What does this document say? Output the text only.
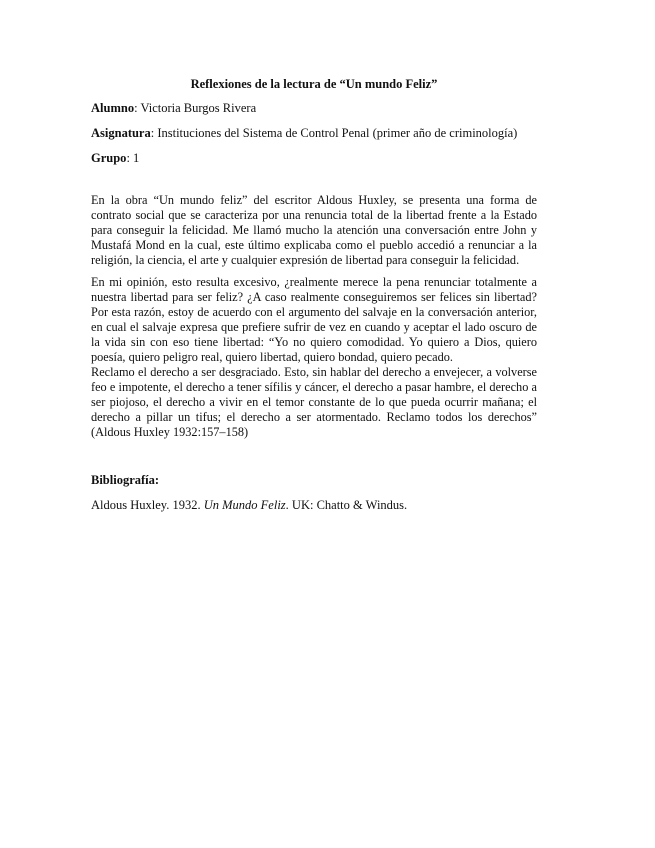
Reflexiones de la lectura de “Un mundo Feliz”
Alumno: Victoria Burgos Rivera
Asignatura: Instituciones del Sistema de Control Penal (primer año de criminología)
Grupo: 1

En la obra “Un mundo feliz” del escritor Aldous Huxley, se presenta una forma de contrato social que se caracteriza por una renuncia total de la libertad frente a la Estado para conseguir la felicidad. Me llamó mucho la atención una conversación entre John y Mustafá Mond en la cual, este último explicaba como el pueblo accedió a renunciar a la religión, la ciencia, el arte y cualquier expresión de libertad para conseguir la felicidad.

En mi opinión, esto resulta excesivo, ¿realmente merece la pena renunciar totalmente a nuestra libertad para ser feliz? ¿A caso realmente conseguiremos ser felices sin libertad? Por esta razón, estoy de acuerdo con el argumento del salvaje en la conversación anterior, en cual el salvaje expresa que prefiere sufrir de vez en cuando y aceptar el lado oscuro de la vida sin con eso tiene libertad: “Yo no quiero comodidad. Yo quiero a Dios, quiero poesía, quiero peligro real, quiero libertad, quiero bondad, quiero pecado.

Reclamo el derecho a ser desgraciado. Esto, sin hablar del derecho a envejecer, a volverse feo e impotente, el derecho a tener sífilis y cáncer, el derecho a pasar hambre, el derecho a ser piojoso, el derecho a vivir en el temor constante de lo que pueda ocurrir mañana; el derecho a pillar un tifus; el derecho a ser atormentado. Reclamo todos los derechos” (Aldous Huxley 1932:157–158)

Bibliografía:

Aldous Huxley. 1932. Un Mundo Feliz. UK: Chatto & Windus.
